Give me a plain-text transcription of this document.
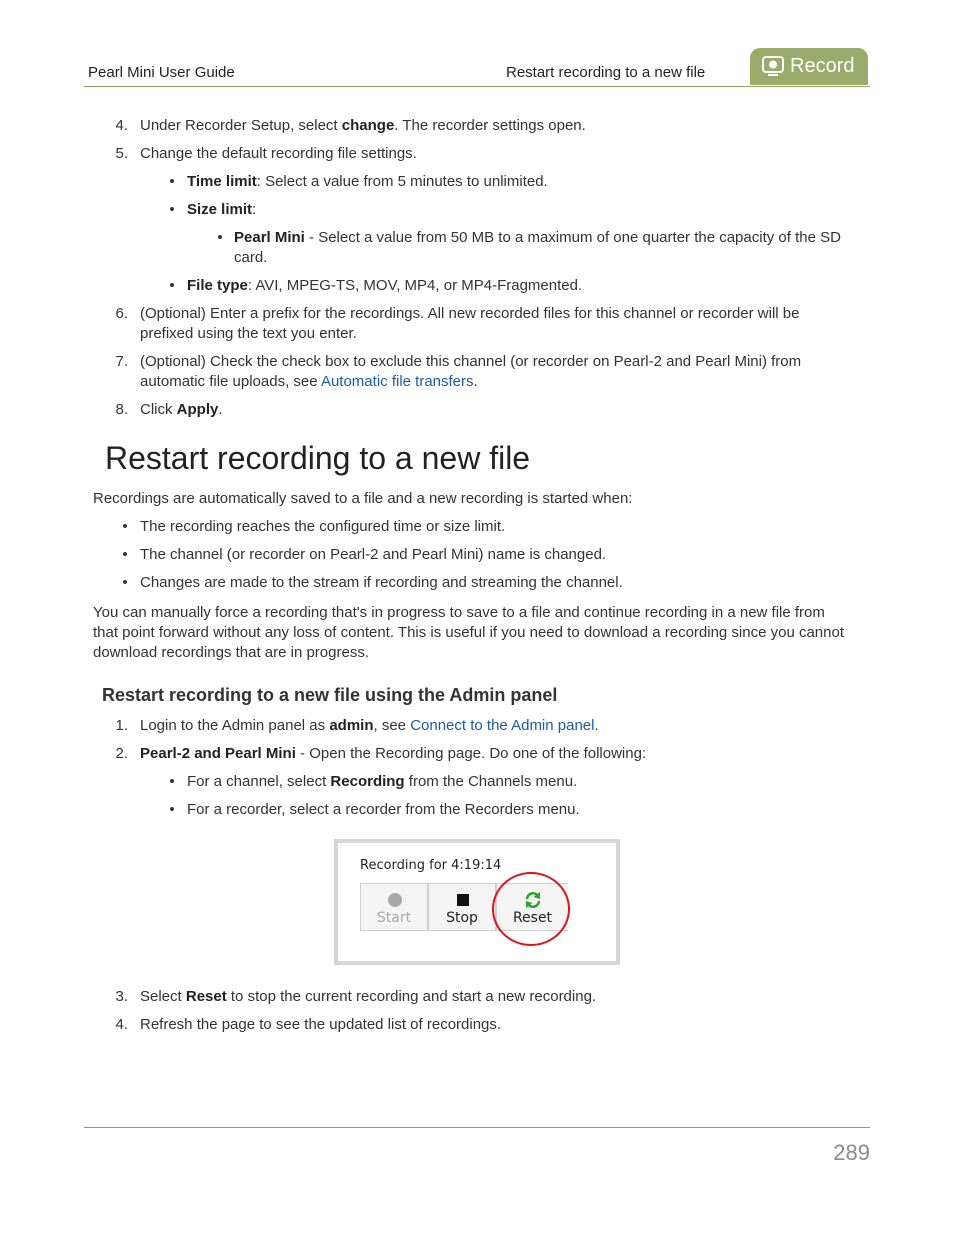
Pearl Mini User Guide	Restart recording to a new file	Record
4. Under Recorder Setup, select change. The recorder settings open.
5. Change the default recording file settings.
• Time limit: Select a value from 5 minutes to unlimited.
• Size limit:
• Pearl Mini - Select a value from 50 MB to a maximum of one quarter the capacity of the SD
card.
• File type: AVI, MPEG-TS, MOV, MP4, or MP4-Fragmented.
6. (Optional) Enter a prefix for the recordings. All new recorded files for this channel or recorder will be
prefixed using the text you enter.
7. (Optional) Check the check box to exclude this channel (or recorder on Pearl-2 and Pearl Mini) from
automatic file uploads, see Automatic file transfers.
8. Click Apply.
Restart recording to a new file
Recordings are automatically saved to a file and a new recording is started when:
• The recording reaches the configured time or size limit.
• The channel (or recorder on Pearl-2 and Pearl Mini) name is changed.
• Changes are made to the stream if recording and streaming the channel.
You can manually force a recording that's in progress to save to a file and continue recording in a new file from
that point forward without any loss of content. This is useful if you need to download a recording since you cannot
download recordings that are in progress.
Restart recording to a new file using the Admin panel
1. Login to the Admin panel as admin, see Connect to the Admin panel.
2. Pearl-2 and Pearl Mini - Open the Recording page. Do one of the following:
• For a channel, select Recording from the Channels menu.
• For a recorder, select a recorder from the Recorders menu.
Recording for 4:19:14
Start	Stop	Reset
3. Select Reset to stop the current recording and start a new recording.
4. Refresh the page to see the updated list of recordings.
289
